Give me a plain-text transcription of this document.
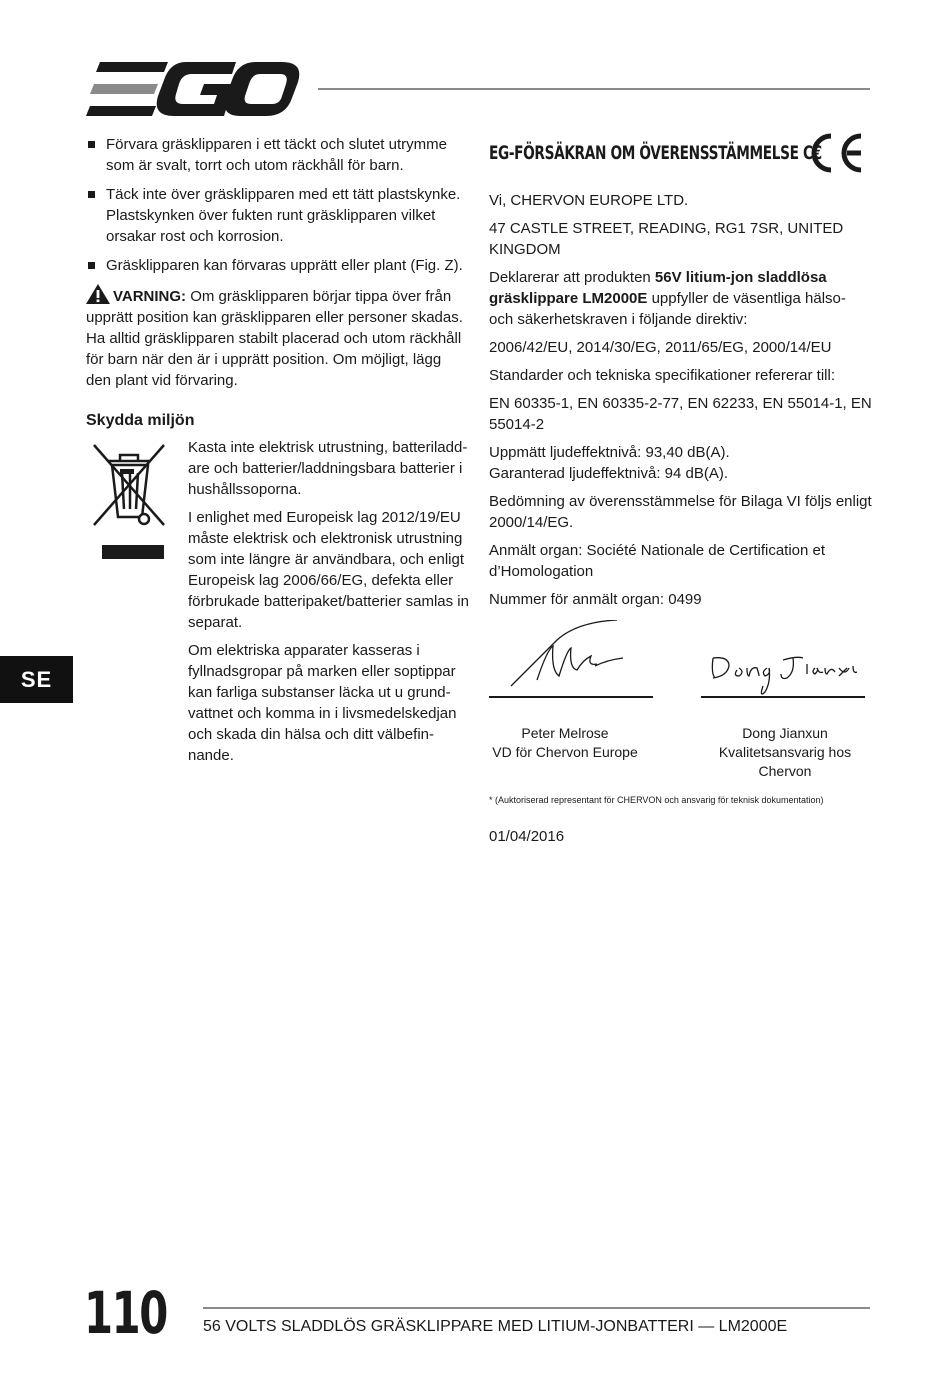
Förvara gräsklipparen i ett täckt och slutet utrymme som är svalt, torrt och utom räckhåll för barn.
Täck inte över gräsklipparen med ett tätt plastskynke. Plastskynken över fukten runt gräsklipparen vilket orsakar rost och korrosion.
Gräsklipparen kan förvaras upprätt eller plant (Fig. Z).
VARNING: Om gräsklipparen börjar tippa över från upprätt position kan gräsklipparen eller personer skadas. Ha alltid gräsklipparen stabilt placerad och utom räckhåll för barn när den är i upprätt position. Om möjligt, lägg den plant vid förvaring.
Skydda miljön

Kasta inte elektrisk utrustning, batteriladdare och batterier/laddningsbara batterier i hushållssoporna.

I enlighet med Europeisk lag 2012/19/EU måste elektrisk och elektronisk utrustning som inte längre är användbara, och enligt Europeisk lag 2006/66/EG, defekta eller förbrukade batteripaket/batterier samlas in separat.

Om elektriska apparater kasseras i fyllnadsgropar på marken eller soptippar kan farliga substanser läcka ut u grundvattnet och komma in i livsmedelskedjan och skada din hälsa och ditt välbefinnande.

EG-FÖRSÄKRAN OM ÖVERENSSTÄMMELSE C€

Vi, CHERVON EUROPE LTD.

47 CASTLE STREET, READING, RG1 7SR, UNITED KINGDOM

Deklarerar att produkten 56V litium-jon sladdlösa gräsklippare LM2000E uppfyller de väsentliga hälso- och säkerhetskraven i följande direktiv:

2006/42/EU, 2014/30/EG, 2011/65/EG, 2000/14/EU

Standarder och tekniska specifikationer refererar till:

EN 60335-1, EN 60335-2-77, EN 62233, EN 55014-1, EN 55014-2

Uppmätt ljudeffektnivå: 93,40 dB(A).
Garanterad ljudeffektnivå: 94 dB(A).

Bedömning av överensstämmelse för Bilaga VI följs enligt 2000/14/EG.

Anmält organ: Société Nationale de Certification et d’Homologation

Nummer för anmält organ: 0499

Peter Melrose
VD för Chervon Europe
Dong Jianxun
Kvalitetsansvarig hos Chervon
* (Auktoriserad representant för CHERVON och ansvarig för teknisk dokumentation)
01/04/2016
SE
110 56 VOLTS SLADDLÖS GRÄSKLIPPARE MED LITIUM-JONBATTERI — LM2000E
